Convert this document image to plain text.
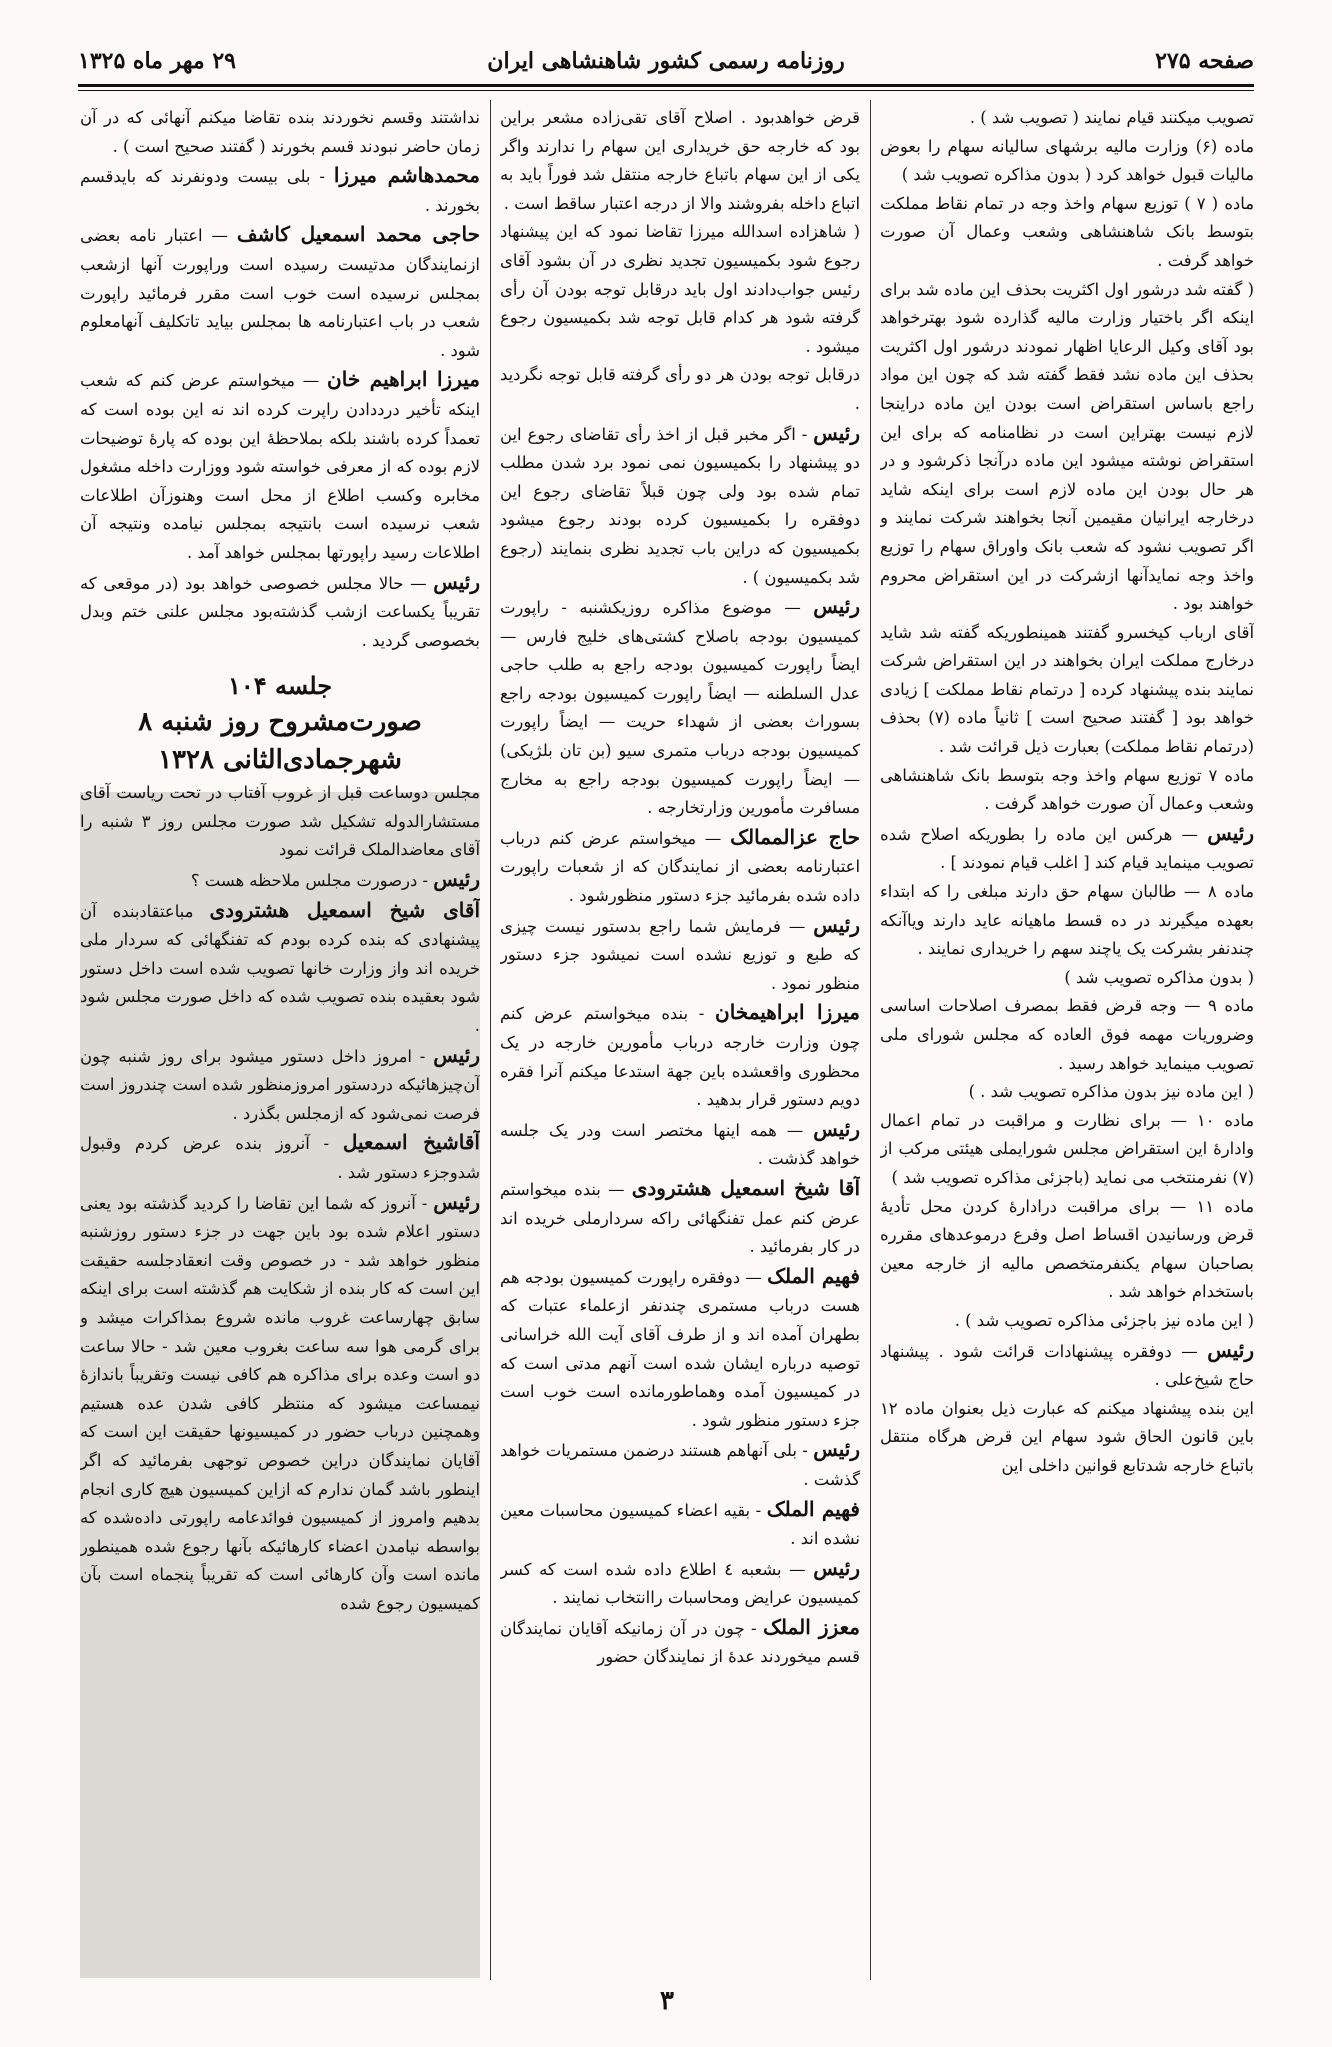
صفحه ۲۷۵
روزنامه رسمی کشور شاهنشاهی ایران
۲۹ مهر ماه ۱۳۲۵

تصویب میکنند قیام نمایند ( تصویب شد ) .

ماده (۶) وزارت مالیه برشهای سالیانه سهام را بعوض مالیات قبول خواهد کرد ( بدون مذاکره تصویب شد )

ماده ( ۷ ) توزیع سهام واخذ وجه در تمام نقاط مملکت بتوسط بانک شاهنشاهی وشعب وعمال آن صورت خواهد گرفت .

( گفته شد درشور اول اکثریت بحذف این ماده شد برای اینکه اگر باختیار وزارت مالیه گذارده شود بهترخواهد بود آقای وکیل الرعایا اظهار نمودند درشور اول اکثریت بحذف این ماده نشد فقط گفته شد که چون این مواد راجع باساس استقراض است بودن این ماده دراینجا لازم نیست بهتراین است در نظامنامه که برای این استقراض نوشته میشود این ماده درآنجا ذکرشود و در هر حال بودن این ماده لازم است برای اینکه شاید درخارجه ایرانیان مقیمین آنجا بخواهند شرکت نمایند و اگر تصویب نشود که شعب بانک واوراق سهام را توزیع واخذ وجه نمایدآنها ازشرکت در این استقراض محروم خواهند بود .

آقای ارباب کیخسرو گفتند همینطوریکه گفته شد شاید درخارج مملکت ایران بخواهند در این استقراض شرکت نمایند بنده پیشنهاد کرده [ درتمام نقاط مملکت ] زیادی خواهد بود [ گفتند صحیح است ] ثانیاً ماده (۷) بحذف (درتمام نقاط مملکت) بعبارت ذیل قرائت شد .

ماده ۷ توزیع سهام واخذ وجه بتوسط بانک شاهنشاهی وشعب وعمال آن صورت خواهد گرفت .

رئیس — هرکس این ماده را بطوریکه اصلاح شده تصویب مینماید قیام کند [ اغلب قیام نمودند ] .

ماده ۸ — طالبان سهام حق دارند مبلغی را که ابتداء بعهده میگیرند در ده قسط ماهیانه عاید دارند ویاآنکه چندنفر بشرکت یک یاچند سهم را خریداری نمایند .

( بدون مذاکره تصویب شد )

ماده ۹ — وجه قرض فقط بمصرف اصلاحات اساسی وضروریات مهمه فوق العاده که مجلس شورای ملی تصویب مینماید خواهد رسید .

( این ماده نیز بدون مذاکره تصویب شد . )

ماده ۱۰ — برای نظارت و مراقبت در تمام اعمال وادارهٔ این استقراض مجلس شورایملی هیئتی مرکب از (۷) نفرمنتخب می نماید (باجزئی مذاکره تصویب شد )

ماده ۱۱ — برای مراقبت درادارهٔ کردن محل تأدیهٔ قرض ورسانیدن اقساط اصل وفرع درموعدهای مقرره بصاحبان سهام یکنفرمتخصص مالیه از خارجه معین باستخدام خواهد شد .

( این ماده نیز باجزئی مذاکره تصویب شد ) .

رئیس — دوفقره پیشنهادات قرائت شود . پیشنهاد حاج شیخ‌علی .

این بنده پیشنهاد میکنم که عبارت ذیل بعنوان ماده ۱۲ باین قانون الحاق شود سهام این قرض هرگاه منتقل باتباع خارجه شدتابع قوانین داخلی این

قرض خواهدبود . اصلاح آقای تقی‌زاده مشعر براین بود که خارجه حق خریداری این سهام را ندارند واگر یکی از این سهام باتباع خارجه منتقل شد فوراً باید به اتباع داخله بفروشند والا از درجه اعتبار ساقط است .

( شاهزاده اسدالله میرزا تقاضا نمود که این پیشنهاد رجوع شود بکمیسیون تجدید نظری در آن بشود آقای رئیس جواب‌دادند اول باید درقابل توجه بودن آن رأی گرفته شود هر کدام قابل توجه شد بکمیسیون رجوع میشود .

درقابل توجه بودن هر دو رأی گرفته قابل توجه نگردید .

رئیس - اگر مخبر قبل از اخذ رأی تقاضای رجوع این دو پیشنهاد را بکمیسیون نمی نمود برد شدن مطلب تمام شده بود ولی چون قبلاً تقاضای رجوع این دوفقره را بکمیسیون کرده بودند رجوع میشود بکمیسیون که دراین باب تجدید نظری بنمایند (رجوع شد بکمیسیون ) .

رئیس — موضوع مذاکره روزیکشنبه - راپورت کمیسیون بودجه باصلاح کشتی‌های خلیج فارس — ایضاً راپورت کمیسیون بودجه راجع به طلب حاجی عدل السلطنه — ایضاً راپورت کمیسیون بودجه راجع بسوراث بعضی از شهداء حریت — ایضاً راپورت کمیسیون بودجه درباب متمری سیو (بن تان بلژیکی) — ایضاً راپورت کمیسیون بودجه راجع به مخارج مسافرت مأمورین وزارتخارجه .

حاج عزالممالک — میخواستم عرض کنم درباب اعتبارنامه بعضی از نمایندگان که از شعبات راپورت داده شده بفرمائید جزء دستور منظورشود .

رئیس — فرمایش شما راجع بدستور نیست چیزی که طبع و توزیع نشده است نمیشود جزء دستور منظور نمود .

میرزا ابراهیمخان - بنده میخواستم عرض کنم چون وزارت خارجه درباب مأمورین خارجه در یک محظوری واقعشده باین جهة استدعا میکنم آنرا فقره دویم دستور قرار بدهید .

رئیس — همه اینها مختصر است ودر یک جلسه خواهد گذشت .

آقا شیخ اسمعیل هشترودی — بنده میخواستم عرض کنم عمل تفنگهائی راکه سردارملی خریده اند در کار بفرمائید .

فهیم الملک — دوفقره راپورت کمیسیون بودجه هم هست درباب مستمری چندنفر ازعلماء عتبات که بطهران آمده اند و از طرف آقای آیت الله خراسانی توصیه درباره ایشان شده است آنهم مدتی است که در کمیسیون آمده وهماطورمانده است خوب است جزء دستور منظور شود .

رئیس - بلی آنهاهم هستند درضمن مستمریات خواهد گذشت .

فهیم الملک - بقیه اعضاء کمیسیون محاسبات معین نشده اند .

رئیس — بشعبه ٤ اطلاع داده شده است که کسر کمیسیون عرایض ومحاسبات راانتخاب نمایند .

معزز الملک - چون در آن زمانیکه آقایان نمایندگان قسم میخوردند عدهٔ از نمایندگان حضور

نداشتند وقسم نخوردند بنده تقاضا میکنم آنهائی که در آن زمان حاضر نبودند قسم بخورند ( گفتند صحیح است ) .

محمدهاشم میرزا - بلی بیست ودونفرند که بایدقسم بخورند .

حاجی محمد اسمعیل کاشف — اعتبار نامه بعضی ازنمایندگان مدتیست رسیده است وراپورت آنها ازشعب بمجلس نرسیده است خوب است مقرر فرمائید راپورت شعب در باب اعتبارنامه ها بمجلس بیاید تاتکلیف آنهامعلوم شود .

میرزا ابراهیم خان — میخواستم عرض کنم که شعب اینکه تأخیر درددادن راپرت کرده اند نه این بوده است که تعمداً کرده باشند بلکه بملاحظهٔ این بوده که پارهٔ توضیحات لازم بوده که از معرفی خواسته شود ووزارت داخله مشغول مخابره وکسب اطلاع از محل است وهنوزآن اطلاعات شعب نرسیده است بانتیجه بمجلس نیامده ونتیجه آن اطلاعات رسید راپورتها بمجلس خواهد آمد .

رئیس — حالا مجلس خصوصی خواهد بود (در موقعی که تقریباً یکساعت ازشب گذشته‌بود مجلس علنی ختم وبدل بخصوصی گردید .

جلسه ۱۰۴
صورت‌مشروح روز شنبه ۸
شهرجمادی‌الثانی ۱۳۲۸

مجلس دوساعت قبل از غروب آفتاب در تحت ریاست آقای مستشارالدوله تشکیل شد صورت مجلس روز ۳ شنبه را آقای معاضدالملک قرائت نمود

رئیس - درصورت مجلس ملاحظه هست ؟

آقای شیخ اسمعیل هشترودی مباعتقادبنده آن پیشنهادی که بنده کرده بودم که تفنگهائی که سردار ملی خریده اند واز وزارت خانها تصویب شده است داخل دستور شود بعقیده بنده تصویب شده که داخل صورت مجلس شود .

رئیس - امروز داخل دستور میشود برای روز شنبه چون آن‌چیزهائیکه دردستور امروزمنظور شده است چندروز است فرصت نمی‌شود که ازمجلس بگذرد .

آقاشیخ اسمعیل - آنروز بنده عرض کردم وقبول شدوجزء دستور شد .

رئیس - آنروز که شما این تقاضا را کردید گذشته بود یعنی دستور اعلام شده بود باین جهت در جزء دستور روزشنبه منظور خواهد شد - در خصوص وقت انعقادجلسه حقیقت این است که کار بنده از شکایت هم گذشته است برای اینکه سابق چهارساعت غروب مانده شروع بمذاکرات میشد و برای گرمی هوا سه ساعت بغروب معین شد - حالا ساعت دو است وعده برای مذاکره هم کافی نیست وتقریباً باندازهٔ نیمساعت میشود که منتظر کافی شدن عده هستیم وهمچنین درباب حضور در کمیسیونها حقیقت این است که آقایان نمایندگان دراین خصوص توجهی بفرمائید که اگر اینطور باشد گمان ندارم که ازاین کمیسیون هیچ کاری انجام بدهیم وامروز از کمیسیون فوائدعامه راپورتی داده‌شده که بواسطه نیامدن اعضاء کارهائیکه بآنها رجوع شده همینطور مانده است وآن کارهائی است که تقریباً پنجماه است بآن کمیسیون رجوع شده

۳
